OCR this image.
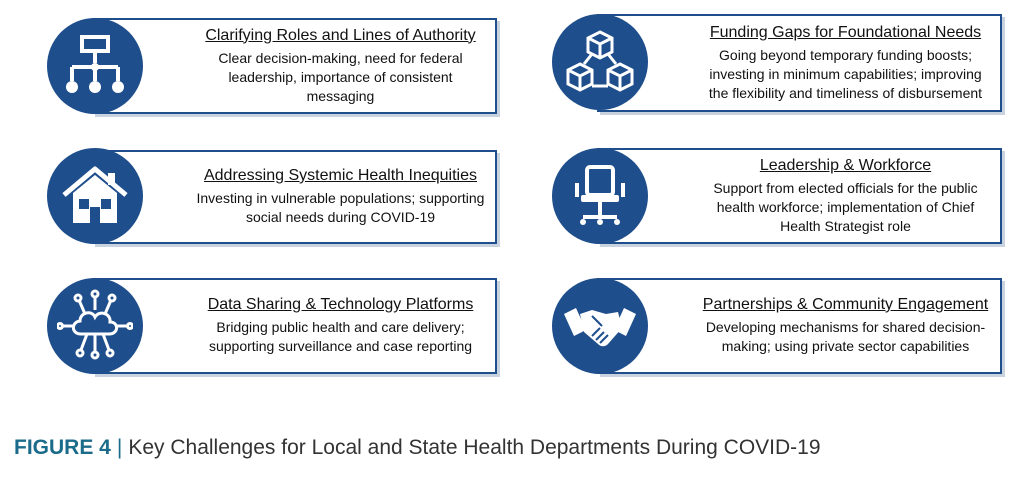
Clarifying Roles and Lines of Authority
Clear decision-making, need for federal leadership, importance of consistent messaging
Funding Gaps for Foundational Needs
Going beyond temporary funding boosts; investing in minimum capabilities; improving the flexibility and timeliness of disbursement
Addressing Systemic Health Inequities
Investing in vulnerable populations; supporting social needs during COVID-19
Leadership & Workforce
Support from elected officials for the public health workforce; implementation of Chief Health Strategist role
Data Sharing & Technology Platforms
Bridging public health and care delivery; supporting surveillance and case reporting
Partnerships & Community Engagement
Developing mechanisms for shared decision-making; using private sector capabilities
FIGURE 4 | Key Challenges for Local and State Health Departments During COVID-19
